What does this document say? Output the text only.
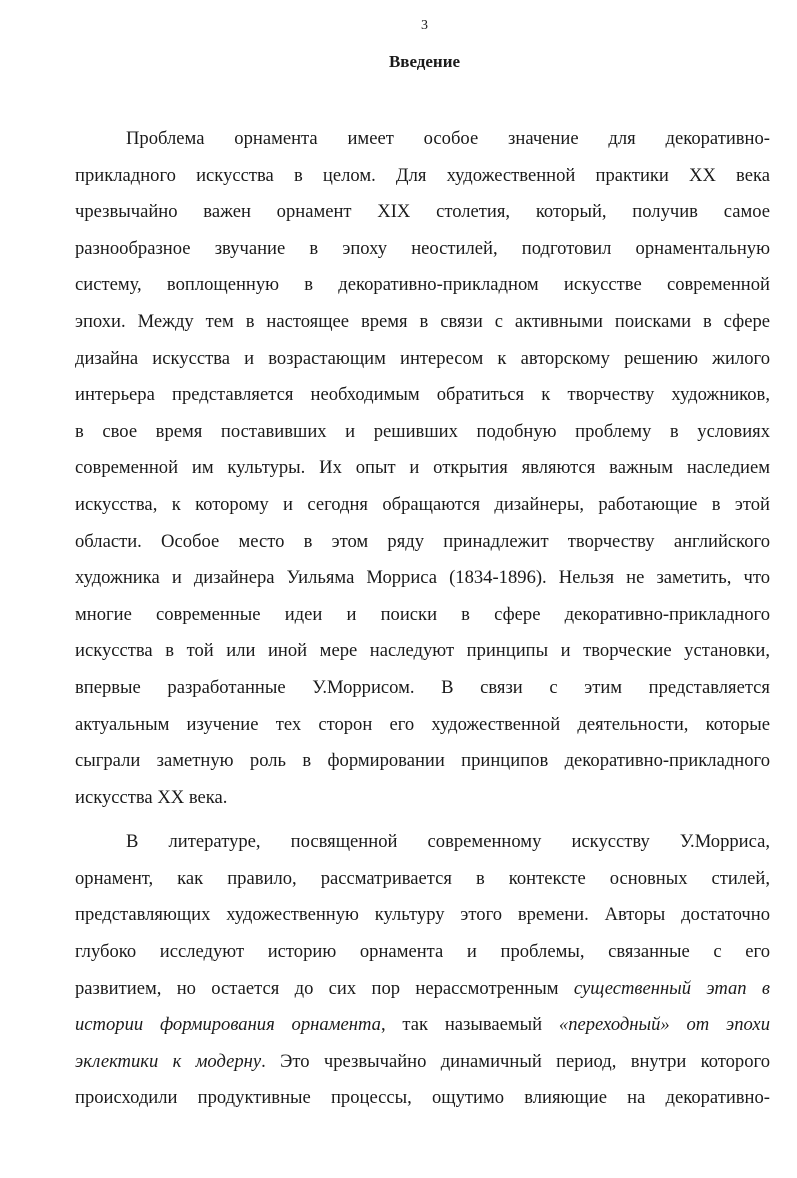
3
Введение
Проблема орнамента имеет особое значение для декоративно-
прикладного искусства в целом. Для художественной практики XX века
чрезвычайно важен орнамент XIX столетия, который, получив самое
разнообразное звучание в эпоху неостилей, подготовил орнаментальную
систему, воплощенную в декоративно-прикладном искусстве современной
эпохи. Между тем в настоящее время в связи с активными поисками в сфере
дизайна искусства и возрастающим интересом к авторскому решению жилого
интерьера представляется необходимым обратиться к творчеству художников,
в свое время поставивших и решивших подобную проблему в условиях
современной им культуры. Их опыт и открытия являются важным наследием
искусства, к которому и сегодня обращаются дизайнеры, работающие в этой
области. Особое место в этом ряду принадлежит творчеству английского
художника и дизайнера Уильяма Морриса (1834-1896). Нельзя не заметить, что
многие современные идеи и поиски в сфере декоративно-прикладного
искусства в той или иной мере наследуют принципы и творческие установки,
впервые разработанные У.Моррисом. В связи с этим представляется
актуальным изучение тех сторон его художественной деятельности, которые
сыграли заметную роль в формировании принципов декоративно-прикладного
искусства XX века.
В литературе, посвященной современному искусству У.Морриса,
орнамент, как правило, рассматривается в контексте основных стилей,
представляющих художественную культуру этого времени. Авторы достаточно
глубоко исследуют историю орнамента и проблемы, связанные с его
развитием, но остается до сих пор нерассмотренным существенный этап в
истории формирования орнамента, так называемый «переходный» от эпохи
эклектики к модерну. Это чрезвычайно динамичный период, внутри которого
происходили продуктивные процессы, ощутимо влияющие на декоративно-
